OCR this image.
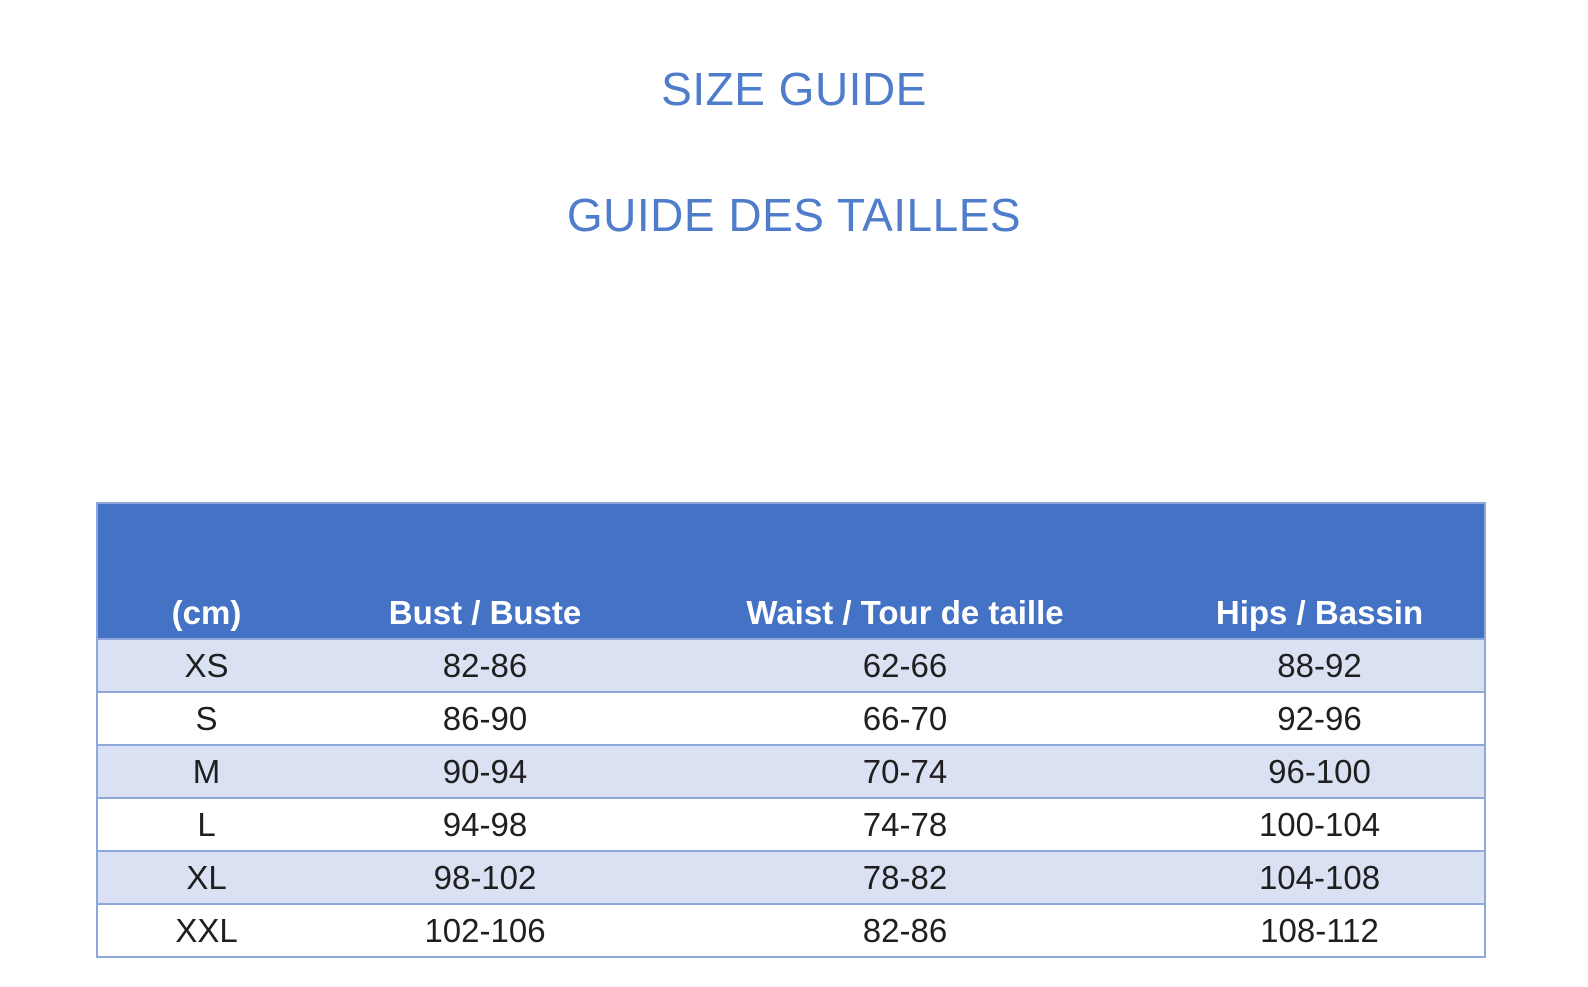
SIZE GUIDE
GUIDE DES TAILLES
(cm)	Bust / Buste	Waist / Tour de taille	Hips / Bassin
XS	82-86	62-66	88-92
S	86-90	66-70	92-96
M	90-94	70-74	96-100
L	94-98	74-78	100-104
XL	98-102	78-82	104-108
XXL	102-106	82-86	108-112
